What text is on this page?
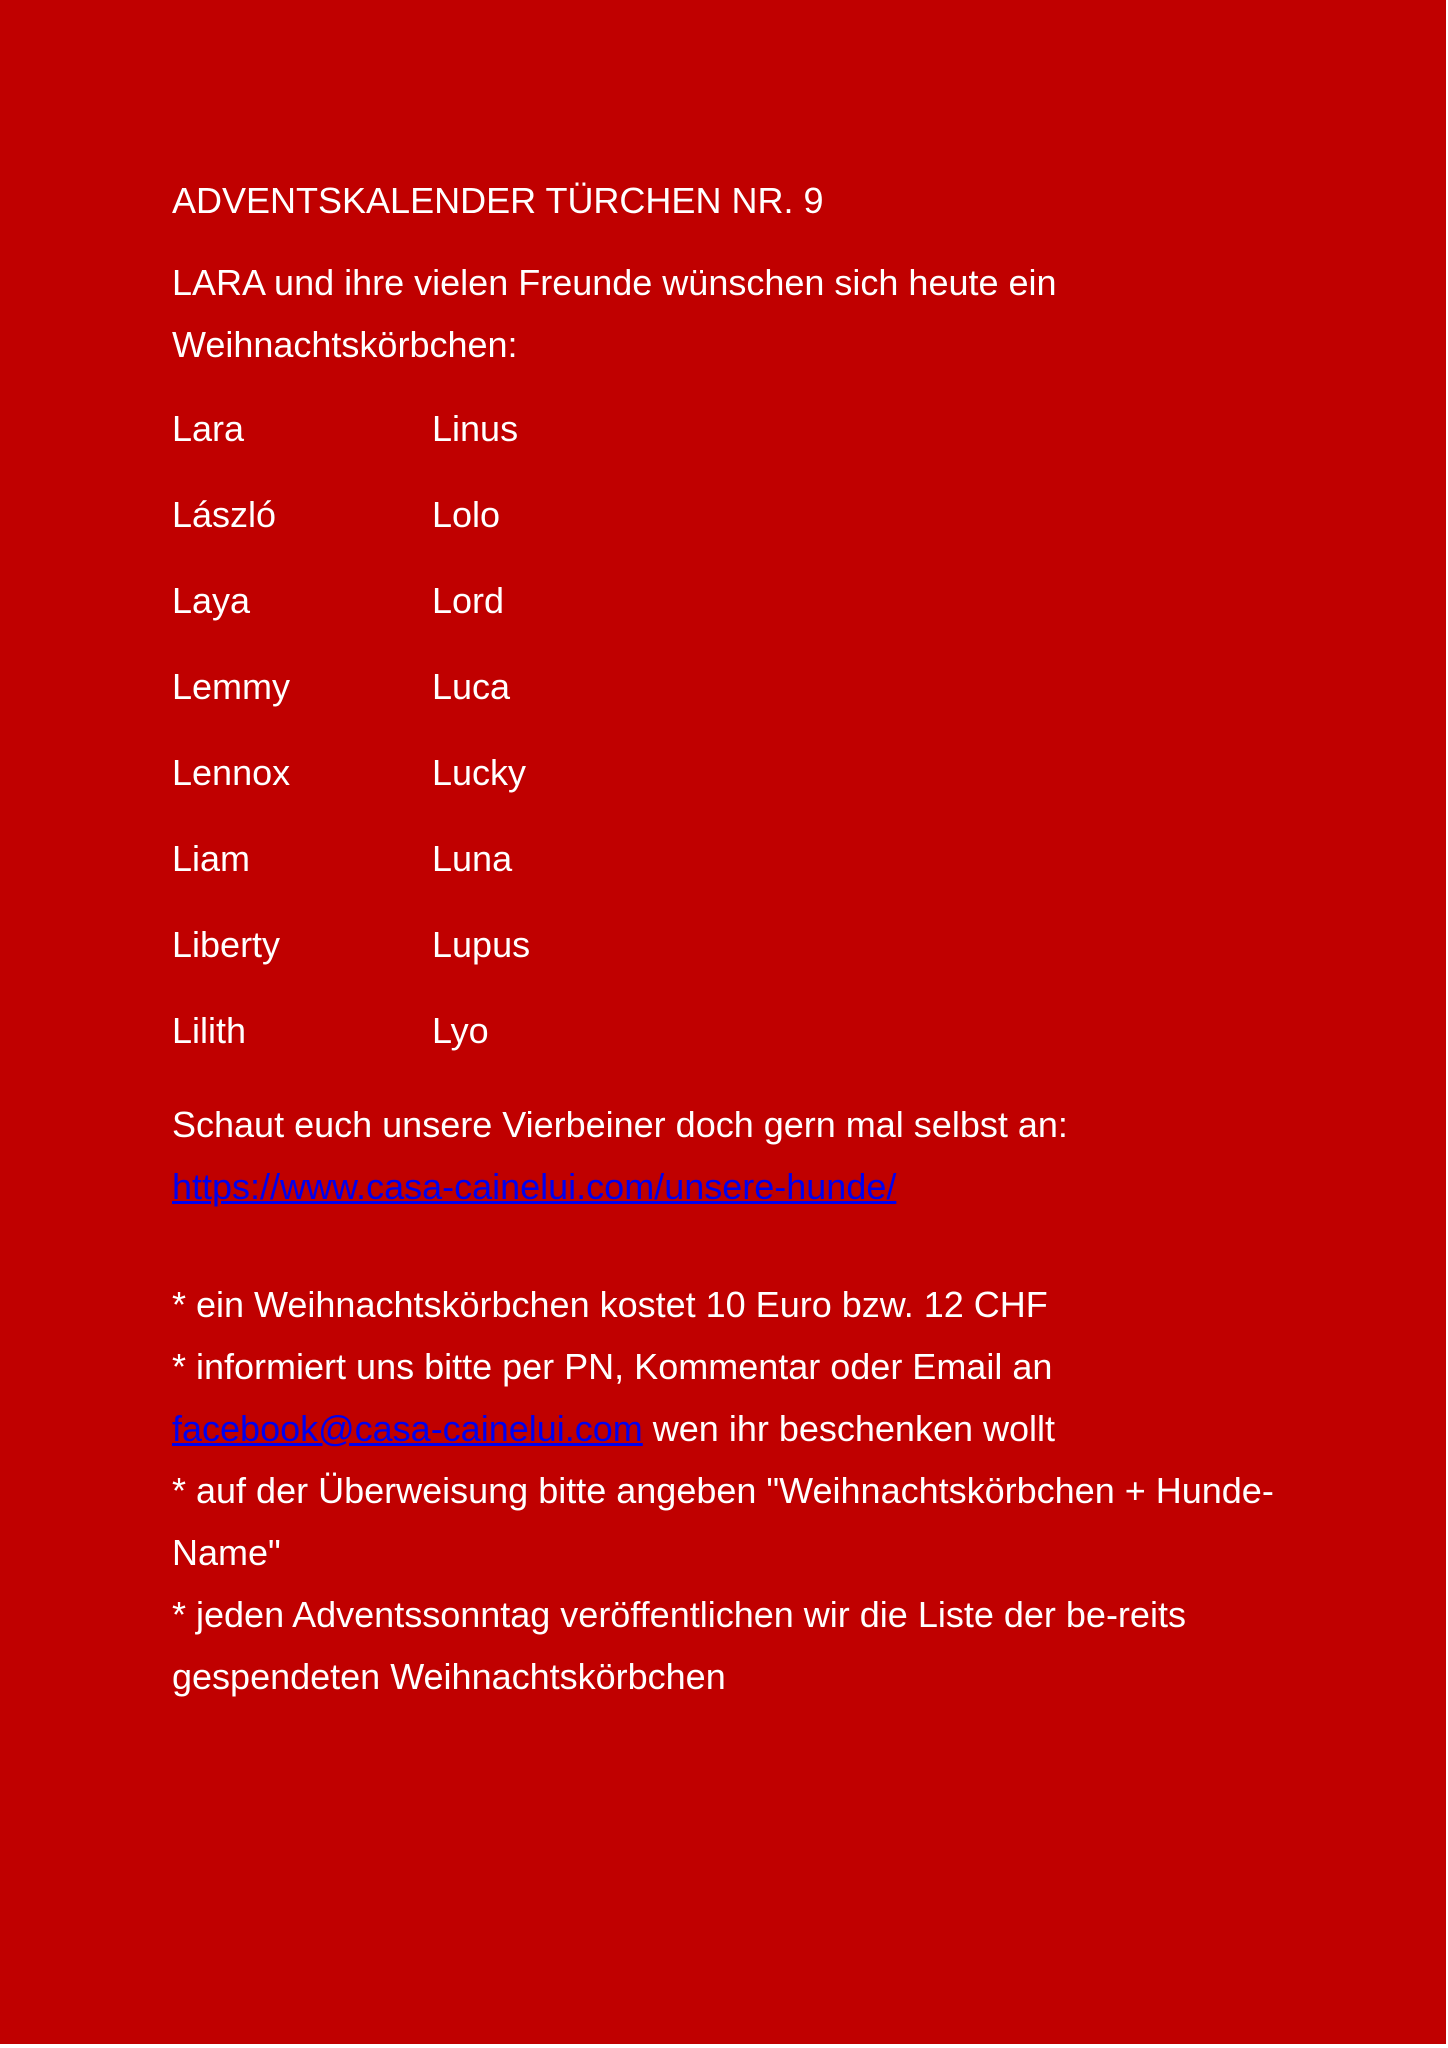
ADVENTSKALENDER TÜRCHEN NR. 9

LARA und ihre vielen Freunde wünschen sich heute ein Weihnachtskörbchen:

Lara	Linus
László	Lolo
Laya	Lord
Lemmy	Luca
Lennox	Lucky
Liam	Luna
Liberty	Lupus
Lilith	Lyo
Schaut euch unsere Vierbeiner doch gern mal selbst an:
https://www.casa-cainelui.com/unsere-hunde/

* ein Weihnachtskörbchen kostet 10 Euro bzw. 12 CHF

* informiert uns bitte per PN, Kommentar oder Email an
facebook@casa-cainelui.com wen ihr beschenken wollt

* auf der Überweisung bitte angeben "Weihnachtskörbchen + Hunde-Name"

* jeden Adventssonntag veröffentlichen wir die Liste der be-reits gespendeten Weihnachtskörbchen
